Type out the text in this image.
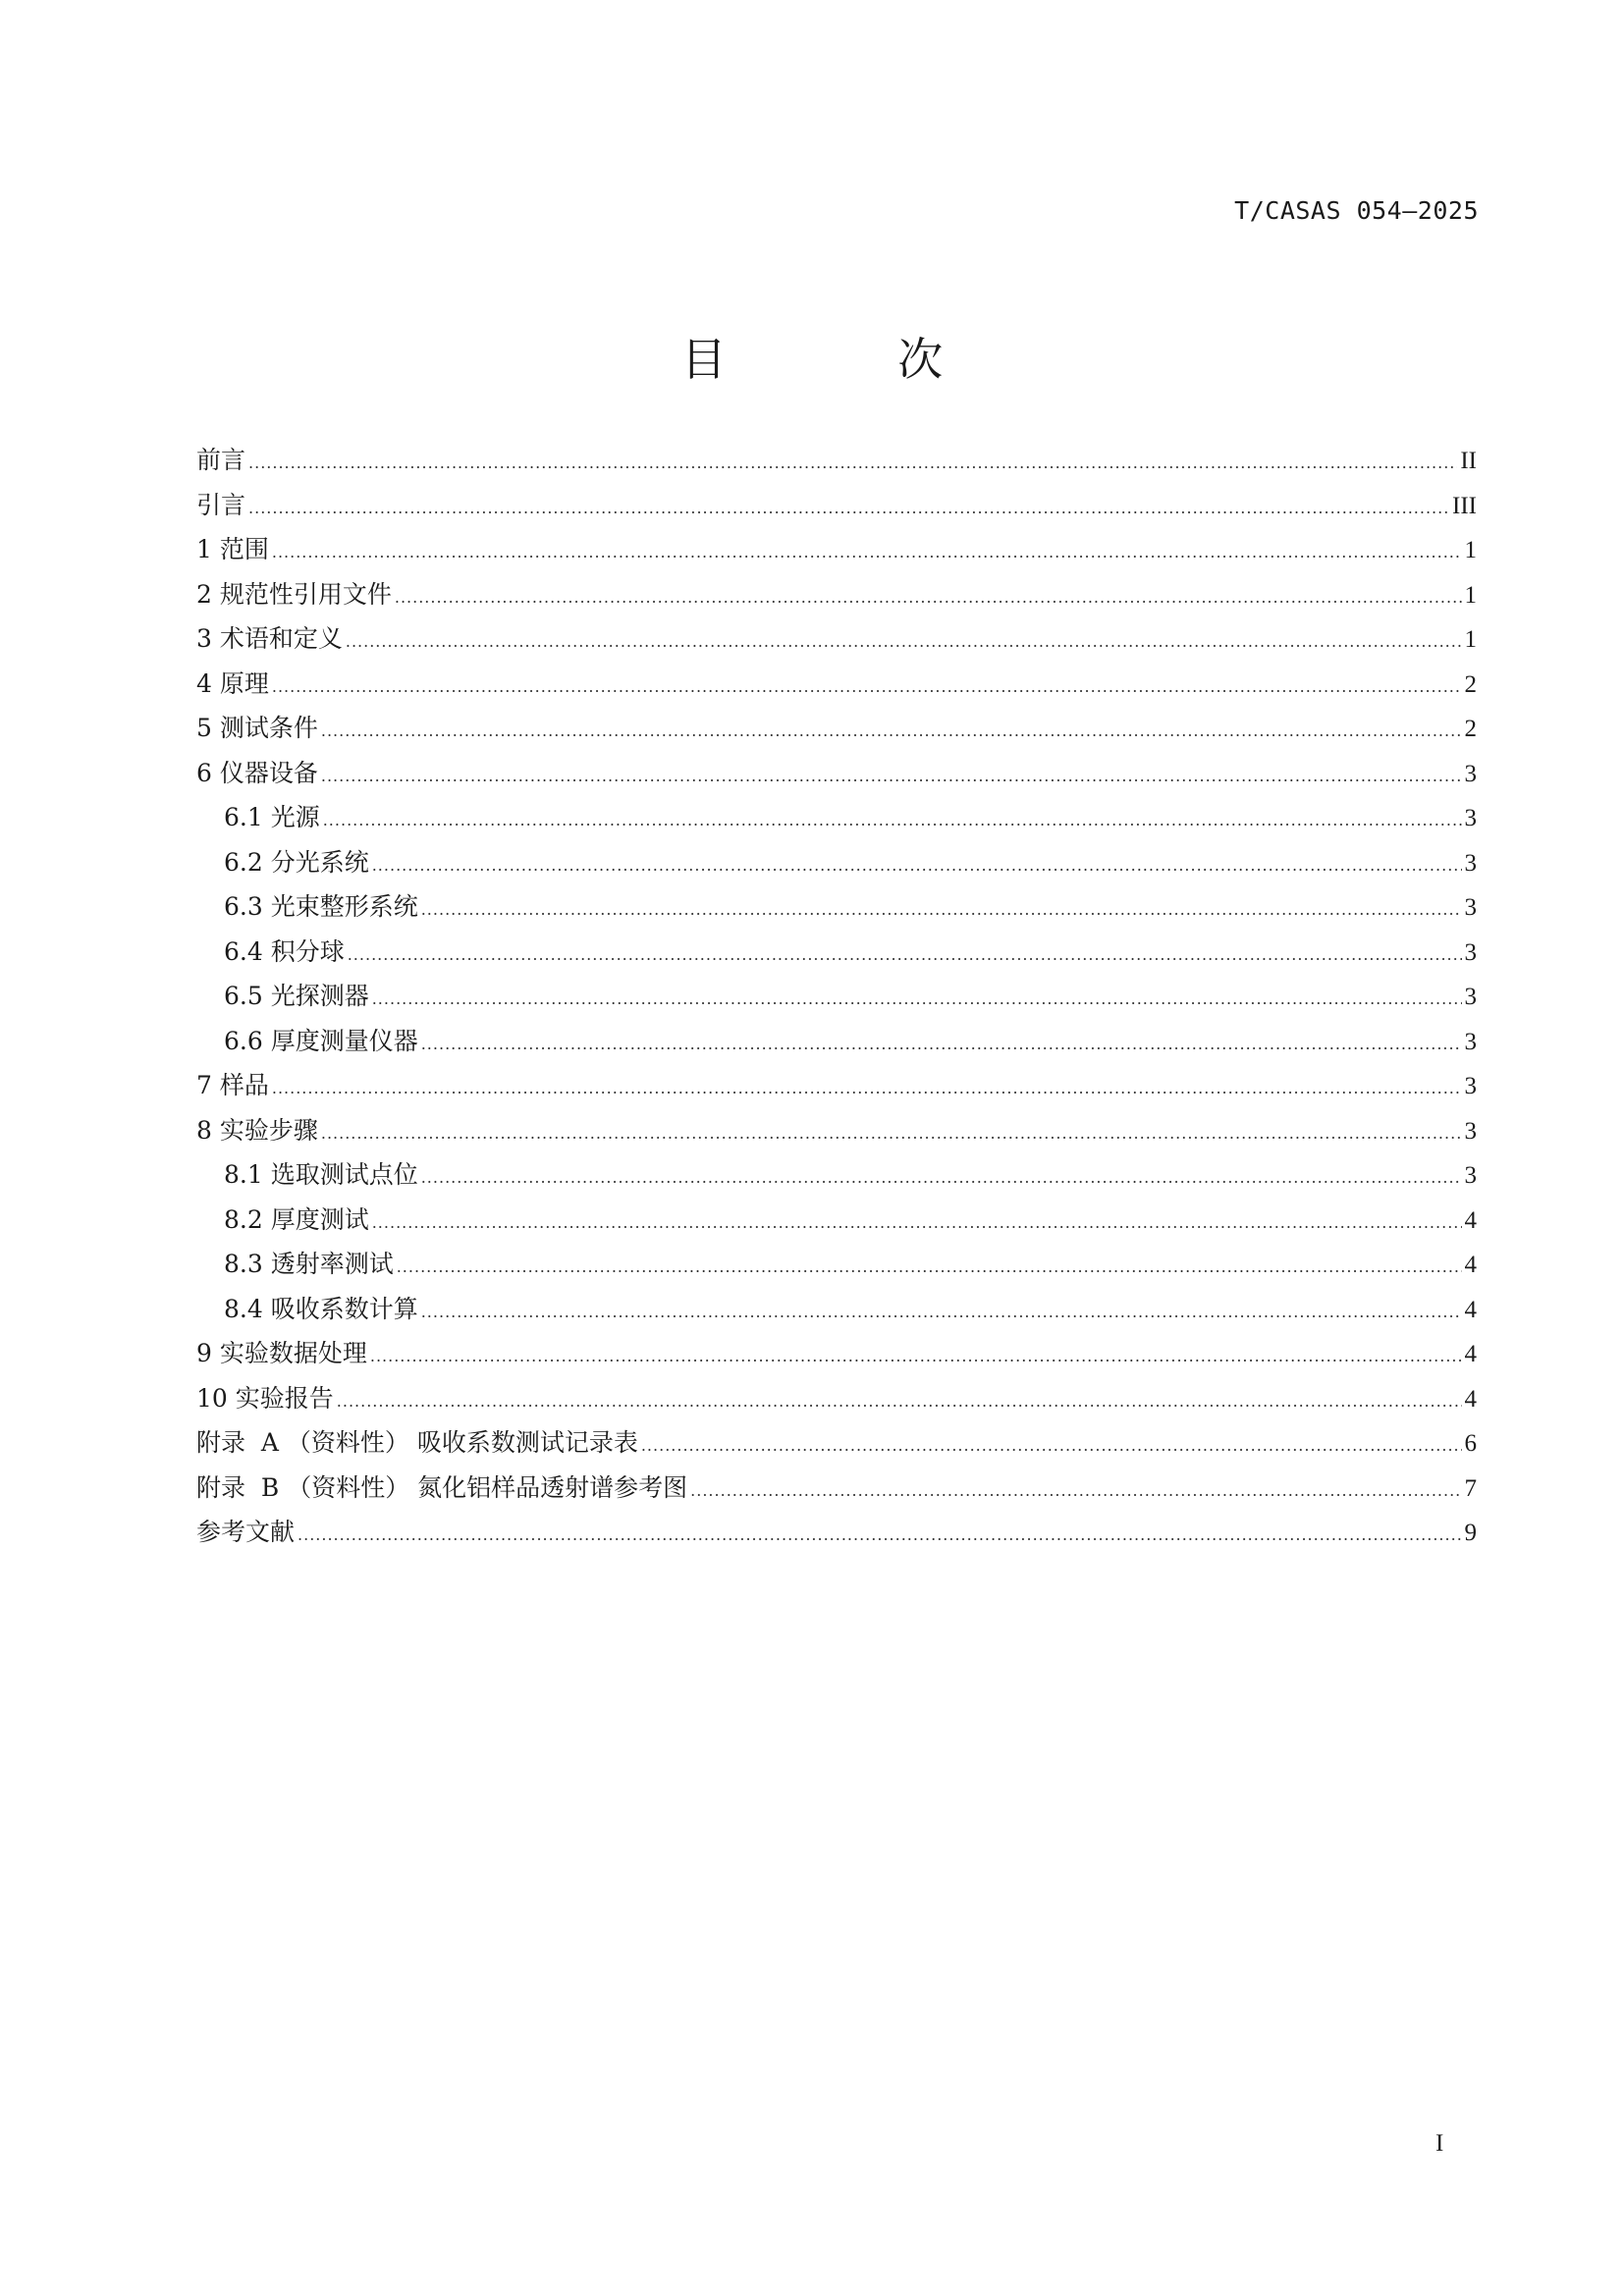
T/CASAS 054—2025
目 次
前言 .....	II
引言 .....	III
1 范围 .....	1
2 规范性引用文件 .....	1
3 术语和定义 .....	1
4 原理 .....	2
5 测试条件 .....	2
6 仪器设备 .....	3
6.1 光源 .....	3
6.2 分光系统 .....	3
6.3 光束整形系统 .....	3
6.4 积分球 .....	3
6.5 光探测器 .....	3
6.6 厚度测量仪器 .....	3
7 样品 .....	3
8 实验步骤 .....	3
8.1 选取测试点位 .....	3
8.2 厚度测试 .....	4
8.3 透射率测试 .....	4
8.4 吸收系数计算 .....	4
9 实验数据处理 .....	4
10 实验报告 .....	4
附录  A （资料性） 吸收系数测试记录表 .....	6
附录  B （资料性） 氮化铝样品透射谱参考图 .....	7
参考文献 .....	9
I
